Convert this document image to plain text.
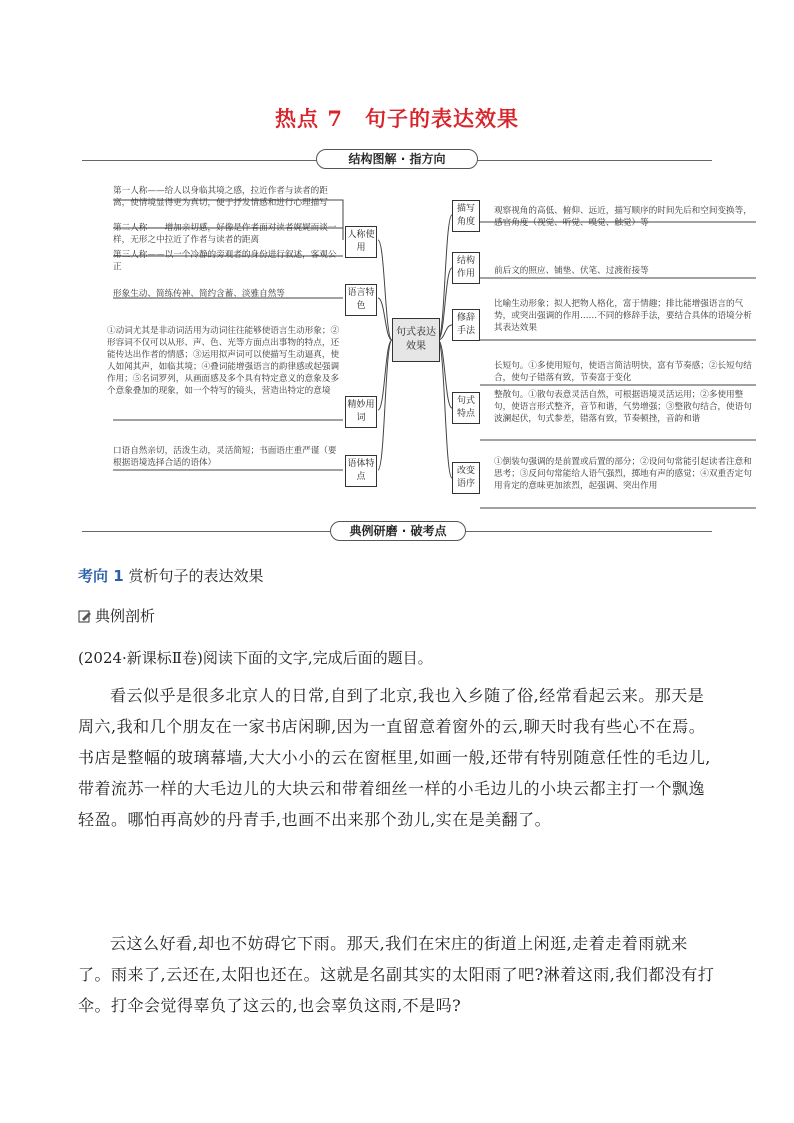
热点 7　句子的表达效果
结构图解 · 指方向
第一人称——给人以身临其境之感，拉近作者与读者的距离，使情境显得更为真切，便于抒发情感和进行心理描写
第二人称——增加亲切感，好像是作者面对读者娓娓而谈一样，无形之中拉近了作者与读者的距离
第三人称——以一个冷静的旁观者的身份进行叙述，客观公正
形象生动、简练传神、简约含蓄、淡雅自然等
①动词尤其是非动词活用为动词往往能够使语言生动形象；②形容词不仅可以从形、声、色、光等方面点出事物的特点，还能传达出作者的情感；③运用拟声词可以使描写生动逼真，使人如闻其声，如临其境；④叠词能增强语言的韵律感或起强调作用；⑤名词罗列，从画面感及多个具有特定意义的意象及多个意象叠加的现象，如一个特写的镜头，营造出特定的意境
口语自然亲切，活泼生动，灵活简短；书面语庄重严谨（要根据语境选择合适的语体）
人称使用
语言特色
精妙用词
语体特点
句式表达效果
描写角度
结构作用
修辞手法
句式特点
改变语序
观察视角的高低、俯仰、远近，描写顺序的时间先后和空间变换等，感官角度（视觉、听觉、嗅觉、触觉）等
前后文的照应、铺垫、伏笔、过渡衔接等
比喻生动形象；拟人把物人格化，富于情趣；排比能增强语言的气势，或突出强调的作用……不同的修辞手法，要结合具体的语境分析其表达效果
长短句。①多使用短句，使语言简洁明快，富有节奏感；②长短句结合，使句子错落有致，节奏富于变化
整散句。①散句表意灵活自然，可根据语境灵活运用；②多使用整句，使语言形式整齐，音节和谐，气势增强；③整散句结合，使语句波澜起伏，句式参差，错落有致，节奏顿挫，音韵和谐
①倒装句强调的是前置或后置的部分；②设问句常能引起读者注意和思考；③反问句常能给人语气强烈，掷地有声的感觉；④双重否定句用肯定的意味更加浓烈，起强调、突出作用
典例研磨 · 破考点
考向 1 赏析句子的表达效果
典例剖析
(2024·新课标Ⅱ卷)阅读下面的文字,完成后面的题目。
看云似乎是很多北京人的日常,自到了北京,我也入乡随了俗,经常看起云来。那天是周六,我和几个朋友在一家书店闲聊,因为一直留意着窗外的云,聊天时我有些心不在焉。书店是整幅的玻璃幕墙,大大小小的云在窗框里,如画一般,还带有特别随意任性的毛边儿,带着流苏一样的大毛边儿的大块云和带着细丝一样的小毛边儿的小块云都主打一个飘逸轻盈。哪怕再高妙的丹青手,也画不出来那个劲儿,实在是美翻了。
云这么好看,却也不妨碍它下雨。那天,我们在宋庄的街道上闲逛,走着走着雨就来了。雨来了,云还在,太阳也还在。这就是名副其实的太阳雨了吧?淋着这雨,我们都没有打伞。打伞会觉得辜负了这云的,也会辜负这雨,不是吗?
